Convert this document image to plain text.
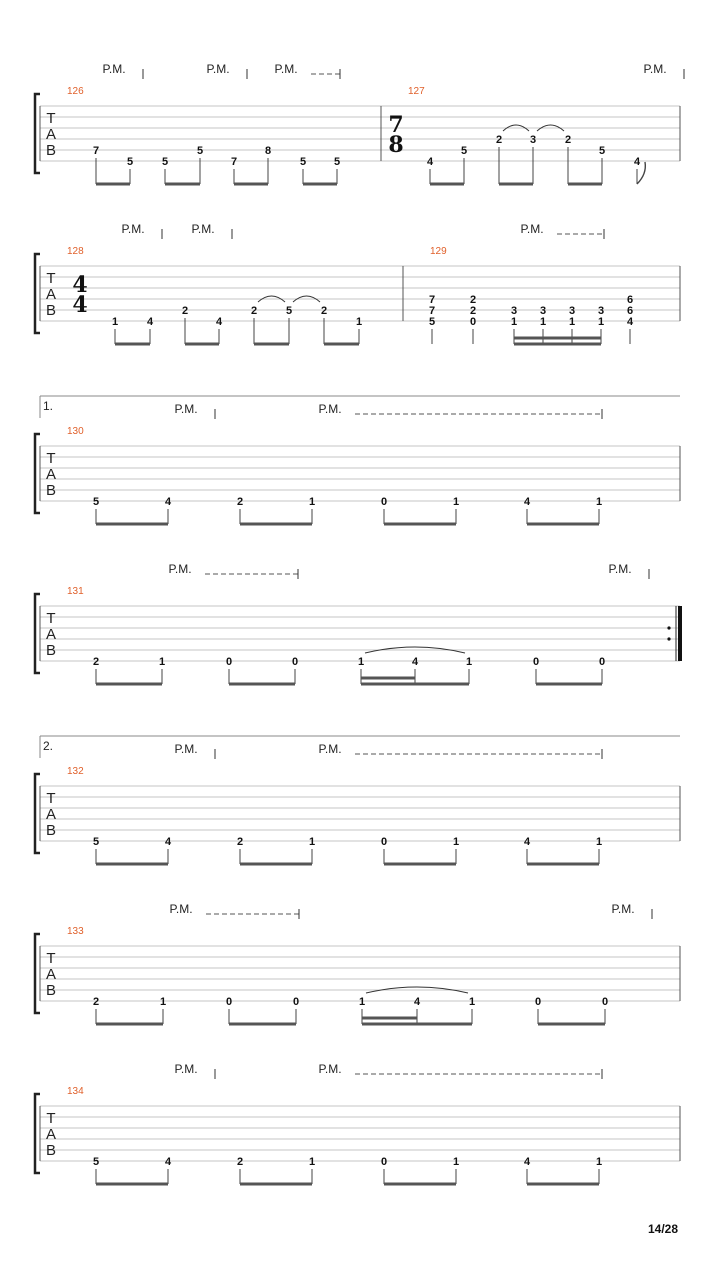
T
A
B
126
7
5	5
5
7
8
5	5
P.M.	P.M.	P.M.
127
7
8
4
5
2	3	2
5
4
P.M.
T
A
B
128
4
4
1	4
2
4
2	5	2
1
P.M.	P.M.
129
7
7
5
2
2
0
3
1
3
1
3
1
3
1
6
6
4
P.M.
T
A
B
1.
130
5	4	2	1	0	1	4	1
P.M.	P.M.
T
A
B
131
2	1	0	0	1	4	1	0	0
P.M.	P.M.
T
A
B
2.
132
5	4	2	1	0	1	4	1
P.M.	P.M.
T
A
B
133
2	1	0	0	1	4	1	0	0
P.M.	P.M.
T
A
B
134
5	4	2	1	0	1	4	1
P.M.	P.M.
14/28
